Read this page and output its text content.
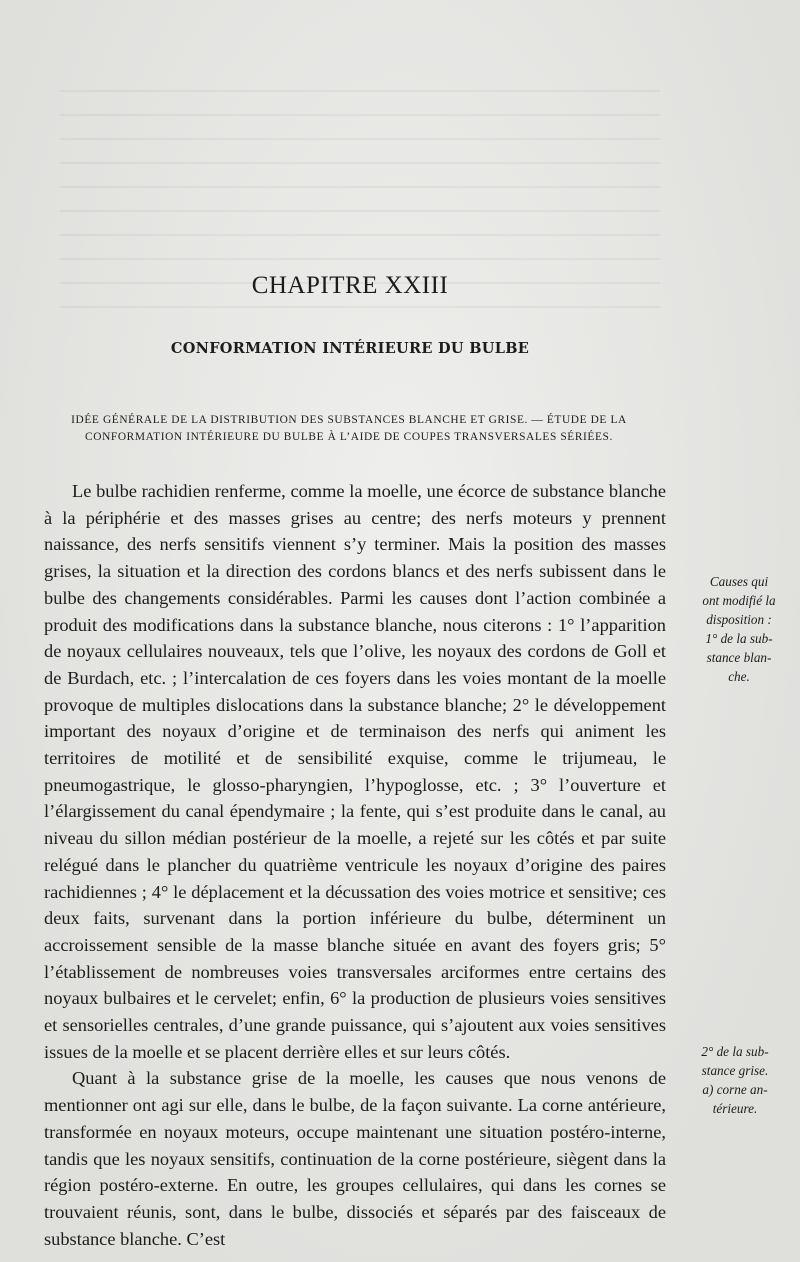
CHAPITRE XXIII
CONFORMATION INTÉRIEURE DU BULBE
IDÉE GÉNÉRALE DE LA DISTRIBUTION DES SUBSTANCES BLANCHE ET GRISE. — ÉTUDE DE LA
CONFORMATION INTÉRIEURE DU BULBE À L’AIDE DE COUPES TRANSVERSALES SÉRIÉES.

Le bulbe rachidien renferme, comme la moelle, une écorce de substance blanche à la périphérie et des masses grises au centre; des nerfs moteurs y prennent naissance, des nerfs sensitifs viennent s’y terminer. Mais la position des masses grises, la situation et la direction des cordons blancs et des nerfs subissent dans le bulbe des changements considérables. Parmi les causes dont l’action combinée a produit des modifications dans la substance blanche, nous citerons : 1° l’apparition de noyaux cellulaires nouveaux, tels que l’olive, les noyaux des cordons de Goll et de Burdach, etc. ; l’intercalation de ces foyers dans les voies montant de la moelle provoque de multiples dislocations dans la substance blanche; 2° le développement important des noyaux d’origine et de terminaison des nerfs qui animent les territoires de motilité et de sensibilité exquise, comme le trijumeau, le pneumogastrique, le glosso-pharyngien, l’hypoglosse, etc. ; 3° l’ouverture et l’élargissement du canal épendymaire ; la fente, qui s’est produite dans le canal, au niveau du sillon médian postérieur de la moelle, a rejeté sur les côtés et par suite relégué dans le plancher du quatrième ventricule les noyaux d’origine des paires rachidiennes ; 4° le déplacement et la décussation des voies motrice et sensitive; ces deux faits, survenant dans la portion inférieure du bulbe, déterminent un accroissement sensible de la masse blanche située en avant des foyers gris; 5° l’établissement de nombreuses voies transversales arciformes entre certains des noyaux bulbaires et le cervelet; enfin, 6° la production de plusieurs voies sensitives et sensorielles centrales, d’une grande puissance, qui s’ajoutent aux voies sensitives issues de la moelle et se placent derrière elles et sur leurs côtés.

Quant à la substance grise de la moelle, les causes que nous venons de mentionner ont agi sur elle, dans le bulbe, de la façon suivante. La corne antérieure, transformée en noyaux moteurs, occupe maintenant une situation postéro-interne, tandis que les noyaux sensitifs, continuation de la corne postérieure, siègent dans la région postéro-externe. En outre, les groupes cellulaires, qui dans les cornes se trouvaient réunis, sont, dans le bulbe, dissociés et séparés par des faisceaux de substance blanche. C’est

Causes qui
ont modifié la
disposition :
1° de la sub-
stance blan-
che.
2° de la sub-
stance grise.
a) corne an-
térieure.
